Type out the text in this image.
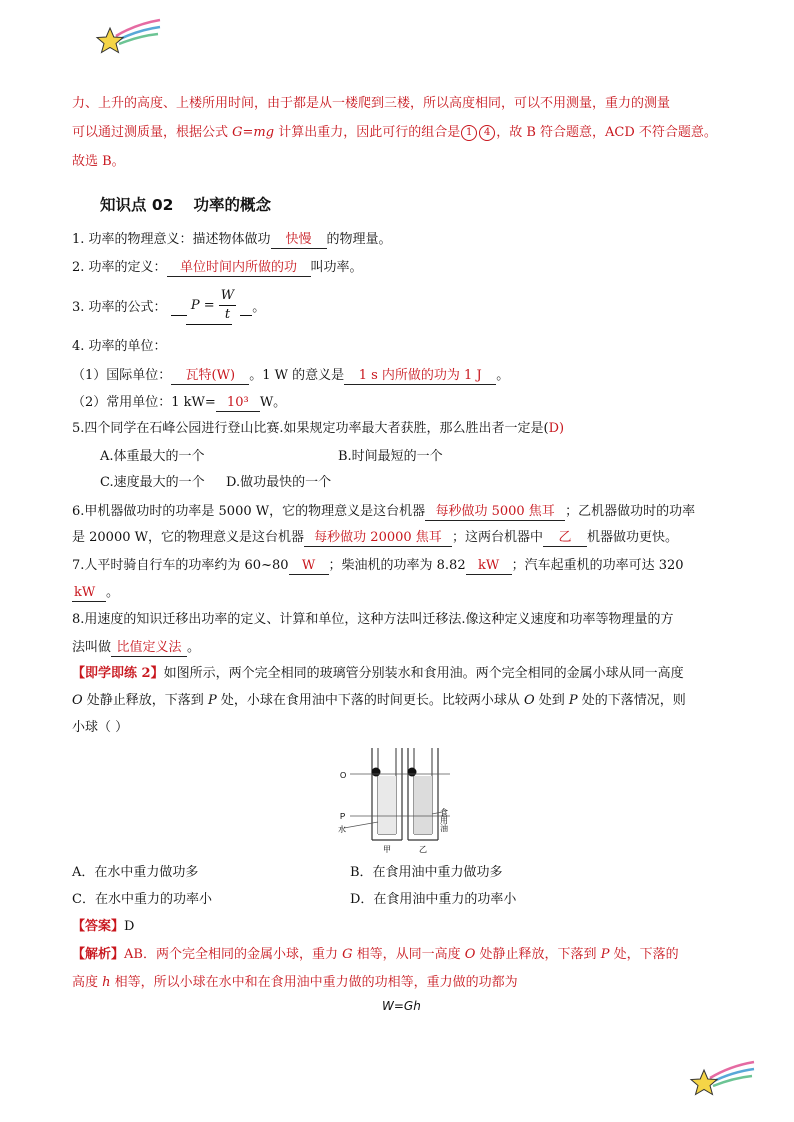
力、上升的高度、上楼所用时间，由于都是从一楼爬到三楼，所以高度相同，可以不用测量，重力的测量
可以通过测质量，根据公式 G=mg 计算出重力，因此可行的组合是 1 4 ，故 B 符合题意，ACD 不符合题意。
故选 B。
知识点 02 功率的概念
1. 功率的物理意义：描述物体做功 快慢 的物理量。
2. 功率的定义： 单位时间内所做的功 叫功率。
3. 功率的公式： $P = \frac{W}{t}$ 。
4. 功率的单位：
（1）国际单位： 瓦特(W) 。1 W 的意义是 1 s 内所做的功为 1 J 。
（2）常用单位：1 kW= 10³ W。
5.四个同学在石峰公园进行登山比赛.如果规定功率最大者获胜，那么胜出者一定是(D)
A.体重最大的一个	B.时间最短的一个
C.速度最大的一个 D.做功最快的一个
6.甲机器做功时的功率是 5000 W，它的物理意义是这台机器 每秒做功 5000 焦耳 ；乙机器做功时的功率
是 20000 W，它的物理意义是这台机器 每秒做功 20000 焦耳 ；这两台机器中 乙 机器做功更快。
7.人平时骑自行车的功率约为 60~80 W ；柴油机的功率为 8.82 kW ；汽车起重机的功率可达 320
kW 。
8.用速度的知识迁移出功率的定义、计算和单位，这种方法叫迁移法.像这种定义速度和功率等物理量的方
法叫做 比值定义法 。
【即学即练 2】如图所示，两个完全相同的玻璃管分别装水和食用油。两个完全相同的金属小球从同一高度
O 处静止释放，下落到 P 处，小球在食用油中下落的时间更长。比较两小球从 O 处到 P 处的下落情况，则
小球（ ）
O
P
水	食用油
甲	乙
A．在水中重力做功多	B．在食用油中重力做功多
C．在水中重力的功率小	D．在食用油中重力的功率小
【答案】D
【解析】AB．两个完全相同的金属小球，重力 G 相等，从同一高度 O 处静止释放，下落到 P 处，下落的
高度 h 相等，所以小球在水中和在食用油中重力做的功相等，重力做的功都为
W=Gh
